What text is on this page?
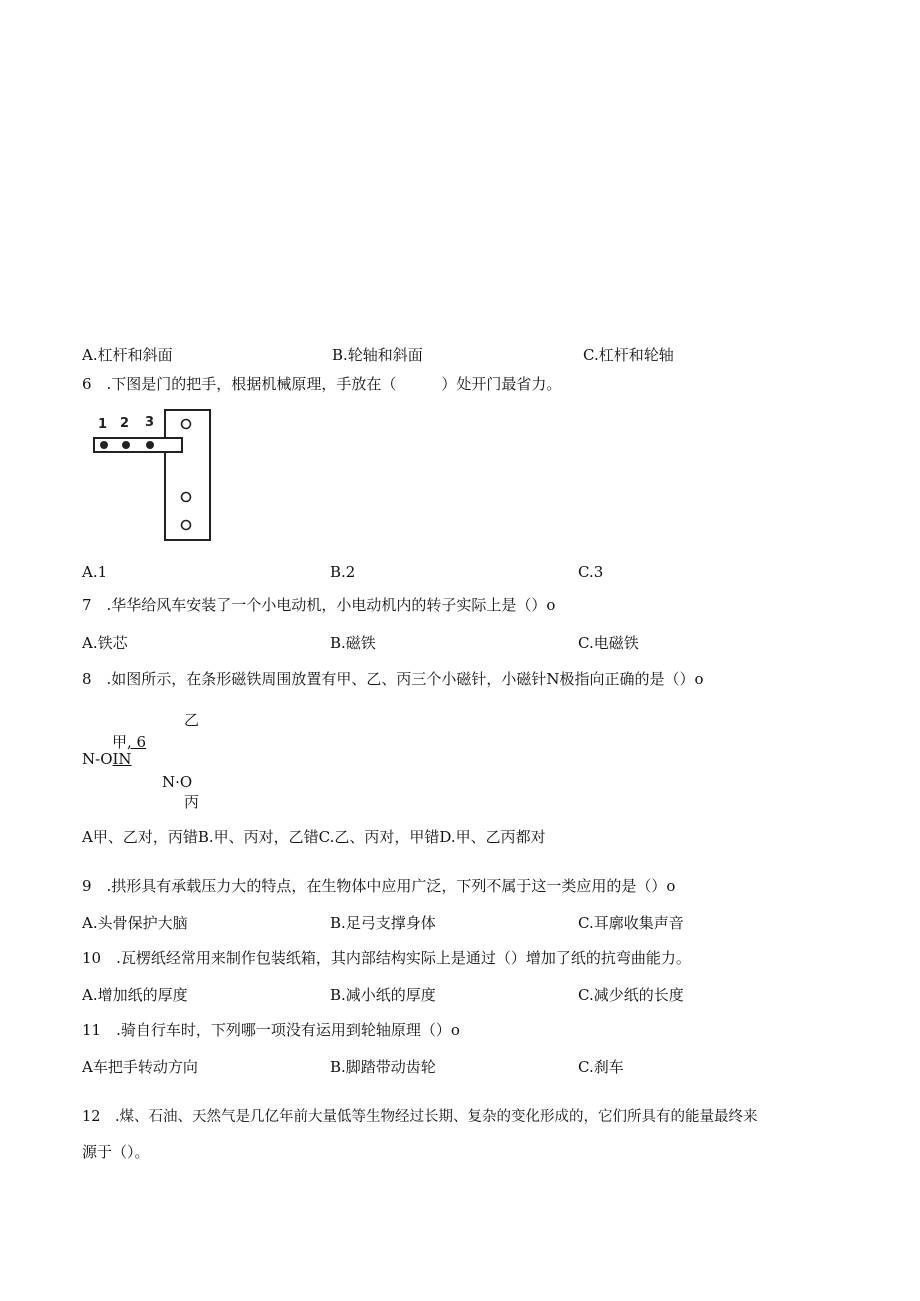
A.杠杆和斜面	B.轮轴和斜面	C.杠杆和轮轴
6　.下图是门的把手，根据机械原理，手放在（　　　）处开门最省力。
1 2 3
A.1	B.2	C.3
7　.华华给风车安装了一个小电动机，小电动机内的转子实际上是（）o
A.铁芯	B.磁铁	C.电磁铁
8　.如图所示，在条形磁铁周围放置有甲、乙、丙三个小磁针，小磁针N极指向正确的是（）o
乙
甲, 6
N-OIN
N·O
丙
A甲、乙对，丙错B.甲、丙对，乙错C.乙、丙对，甲错D.甲、乙丙都对
9　.拱形具有承载压力大的特点，在生物体中应用广泛，下列不属于这一类应用的是（）o
A.头骨保护大脑	B.足弓支撑身体	C.耳廓收集声音
10　.瓦楞纸经常用来制作包装纸箱，其内部结构实际上是通过（）增加了纸的抗弯曲能力。
A.增加纸的厚度	B.减小纸的厚度	C.减少纸的长度
11　.骑自行车时，下列哪一项没有运用到轮轴原理（）o
A车把手转动方向	B.脚踏带动齿轮	C.刹车
12　.煤、石油、天然气是几亿年前大量低等生物经过长期、复杂的变化形成的，它们所具有的能量最终来
源于（）。
